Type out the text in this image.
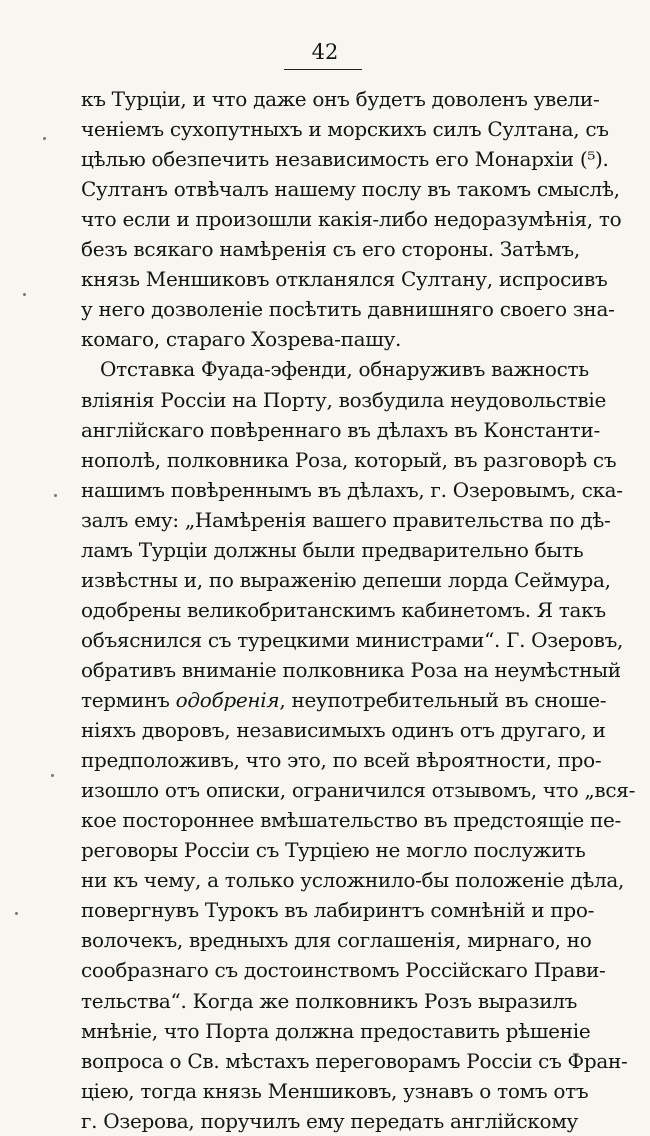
42
къ Турціи, и что даже онъ будетъ доволенъ увели-
ченіемъ сухопутныхъ и морскихъ силъ Султана, съ
цѣлью обезпечить независимость его Монархіи (⁵).
Султанъ отвѣчалъ нашему послу въ такомъ смыслѣ,
что если и произошли какія-либо недоразумѣнія, то
безъ всякаго намѣренія съ его стороны. Затѣмъ,
князь Меншиковъ откланялся Султану, испросивъ
у него дозволеніе посѣтить давнишняго своего зна-
комаго, стараго Хозрева-пашу.
Отставка Фуада-эфенди, обнаруживъ важность
вліянія Россіи на Порту, возбудила неудовольствіе
англійскаго повѣреннаго въ дѣлахъ въ Константи-
нополѣ, полковника Роза, который, въ разговорѣ съ
нашимъ повѣреннымъ въ дѣлахъ, г. Озеровымъ, ска-
залъ ему: „Намѣренія вашего правительства по дѣ-
ламъ Турціи должны были предварительно быть
извѣстны и, по выраженію депеши лорда Сеймура,
одобрены великобританскимъ кабинетомъ. Я такъ
объяснился съ турецкими министрами“. Г. Озеровъ,
обративъ вниманіе полковника Роза на неумѣстный
терминъ одобренія, неупотребительный въ сноше-
ніяхъ дворовъ, независимыхъ одинъ отъ другаго, и
предположивъ, что это, по всей вѣроятности, про-
изошло отъ описки, ограничился отзывомъ, что „вся-
кое постороннее вмѣшательство въ предстоящіе пе-
реговоры Россіи съ Турціею не могло послужить
ни къ чему, а только усложнило-бы положеніе дѣла,
повергнувъ Турокъ въ лабиринтъ сомнѣній и про-
волочекъ, вредныхъ для соглашенія, мирнаго, но
сообразнаго съ достоинствомъ Россійскаго Прави-
тельства“. Когда же полковникъ Розъ выразилъ
мнѣніе, что Порта должна предоставить рѣшеніе
вопроса о Св. мѣстахъ переговорамъ Россіи съ Фран-
ціею, тогда князь Меншиковъ, узнавъ о томъ отъ
г. Озерова, поручилъ ему передать англійскому
